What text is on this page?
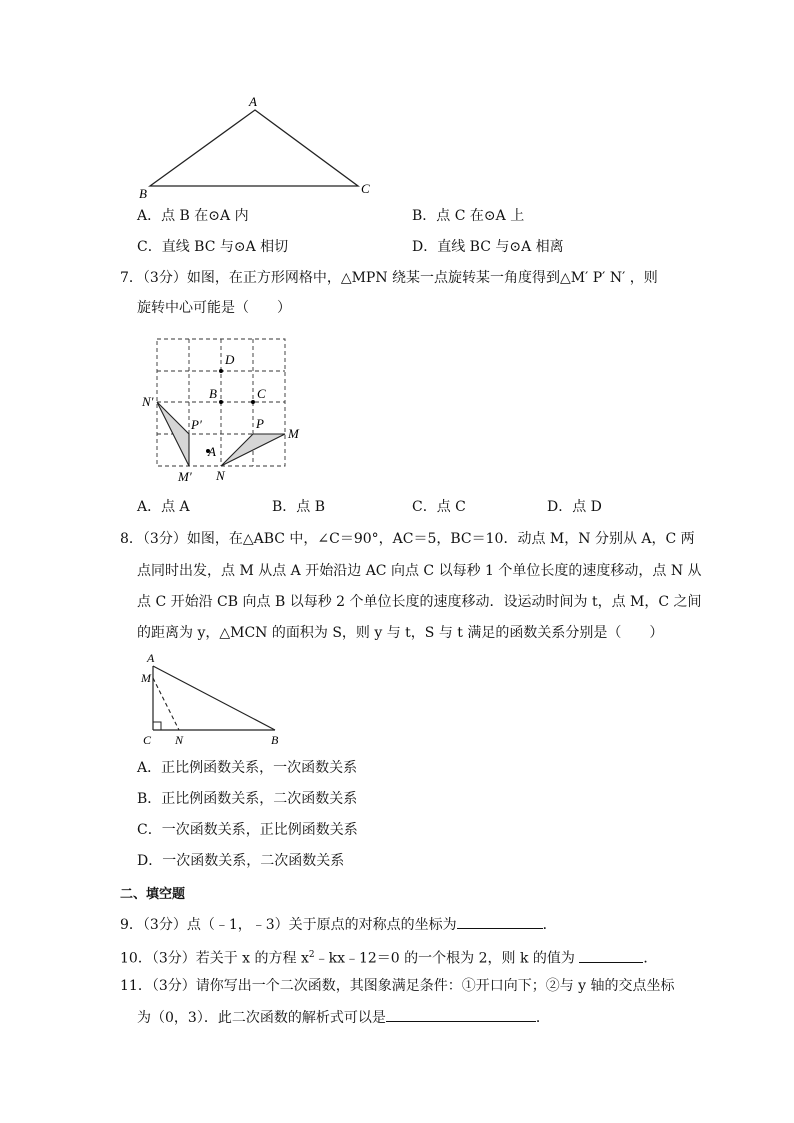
A
B	C
A．点 B 在⊙A 内	B．点 C 在⊙A 上
C．直线 BC 与⊙A 相切	D．直线 BC 与⊙A 相离
7．（3分）如图，在正方形网格中，△MPN 绕某一点旋转某一角度得到△M′ P′ N′ ，则
旋转中心可能是（　　）
D
B	C
N′
P′	P
M
A
M′ N
A．点 A	B．点 B	C．点 C	D．点 D
8．（3分）如图，在△ABC 中，∠C＝90°，AC＝5，BC＝10．动点 M，N 分别从 A，C 两
点同时出发，点 M 从点 A 开始沿边 AC 向点 C 以每秒 1 个单位长度的速度移动，点 N 从
点 C 开始沿 CB 向点 B 以每秒 2 个单位长度的速度移动．设运动时间为 t，点 M，C 之间
的距离为 y，△MCN 的面积为 S，则 y 与 t，S 与 t 满足的函数关系分别是（　　）
A
M
C N	B
A．正比例函数关系，一次函数关系
B．正比例函数关系，二次函数关系
C．一次函数关系，正比例函数关系
D．一次函数关系，二次函数关系
二、填空题
9．（3分）点（﹣1，﹣3）关于原点的对称点的坐标为	．
10．（3分）若关于 x 的方程 $x^2﹣kx﹣12=0$ 的一个根为 2，则 k 的值为	．
11．（3分）请你写出一个二次函数，其图象满足条件：①开口向下；②与 y 轴的交点坐标
为（0，3）．此二次函数的解析式可以是	．
